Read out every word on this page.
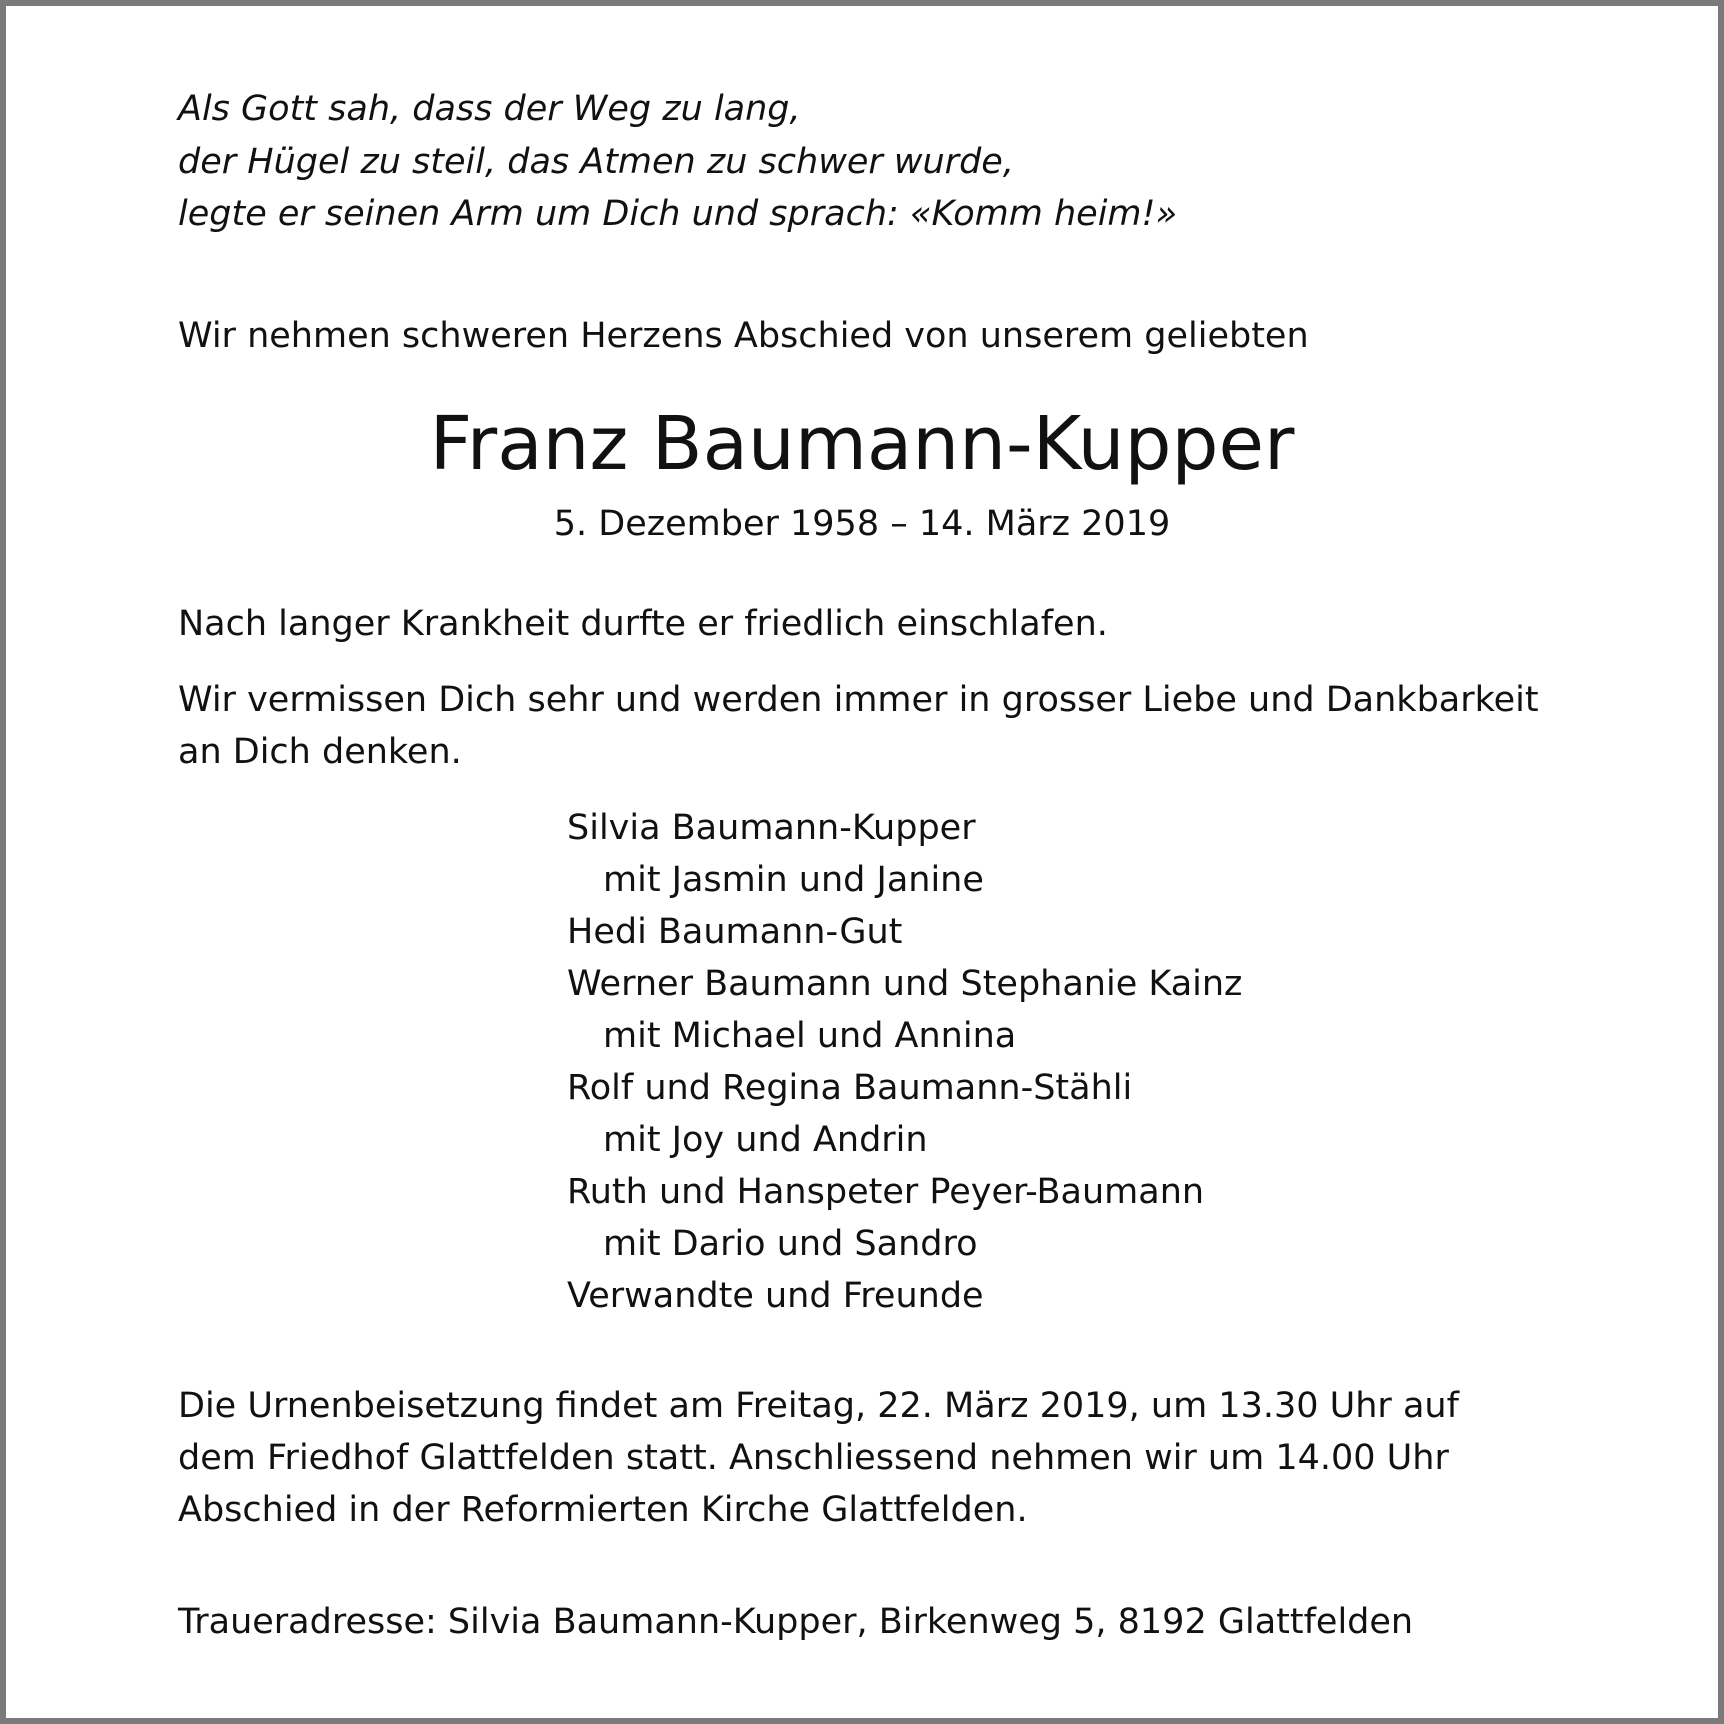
Als Gott sah, dass der Weg zu lang,

der Hügel zu steil, das Atmen zu schwer wurde,

legte er seinen Arm um Dich und sprach: «Komm heim!»

Wir nehmen schweren Herzens Abschied von unserem geliebten

Franz Baumann-Kupper

5. Dezember 1958 – 14. März 2019

Nach langer Krankheit durfte er friedlich einschlafen.

Wir vermissen Dich sehr und werden immer in grosser Liebe und Dankbarkeit

an Dich denken.

Silvia Baumann-Kupper

mit Jasmin und Janine

Hedi Baumann-Gut

Werner Baumann und Stephanie Kainz

mit Michael und Annina

Rolf und Regina Baumann-Stähli

mit Joy und Andrin

Ruth und Hanspeter Peyer-Baumann

mit Dario und Sandro

Verwandte und Freunde

Die Urnenbeisetzung findet am Freitag, 22. März 2019, um 13.30 Uhr auf

dem Friedhof Glattfelden statt. Anschliessend nehmen wir um 14.00 Uhr

Abschied in der Reformierten Kirche Glattfelden.

Traueradresse: Silvia Baumann-Kupper, Birkenweg 5, 8192 Glattfelden
